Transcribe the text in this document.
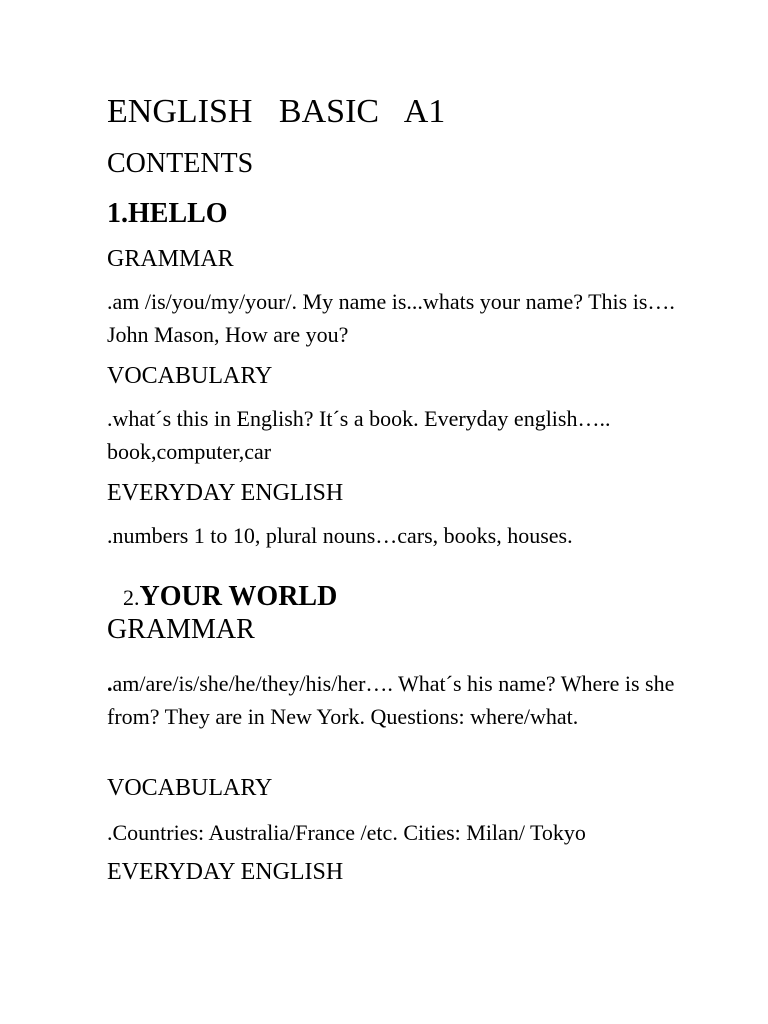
ENGLISH BASIC A1
CONTENTS
1.HELLO
GRAMMAR

.am /is/you/my/your/. My name is...whats your name? This is…. John Mason, How are you?

VOCABULARY

.what´s this in English? It´s a book. Everyday english….. book,computer,car

EVERYDAY ENGLISH

.numbers 1 to 10, plural nouns…cars, books, houses.

2.YOUR WORLD

GRAMMAR

.am/are/is/she/he/they/his/her…. What´s his name? Where is she from? They are in New York. Questions: where/what.

VOCABULARY

.Countries: Australia/France /etc. Cities: Milan/ Tokyo

EVERYDAY ENGLISH
